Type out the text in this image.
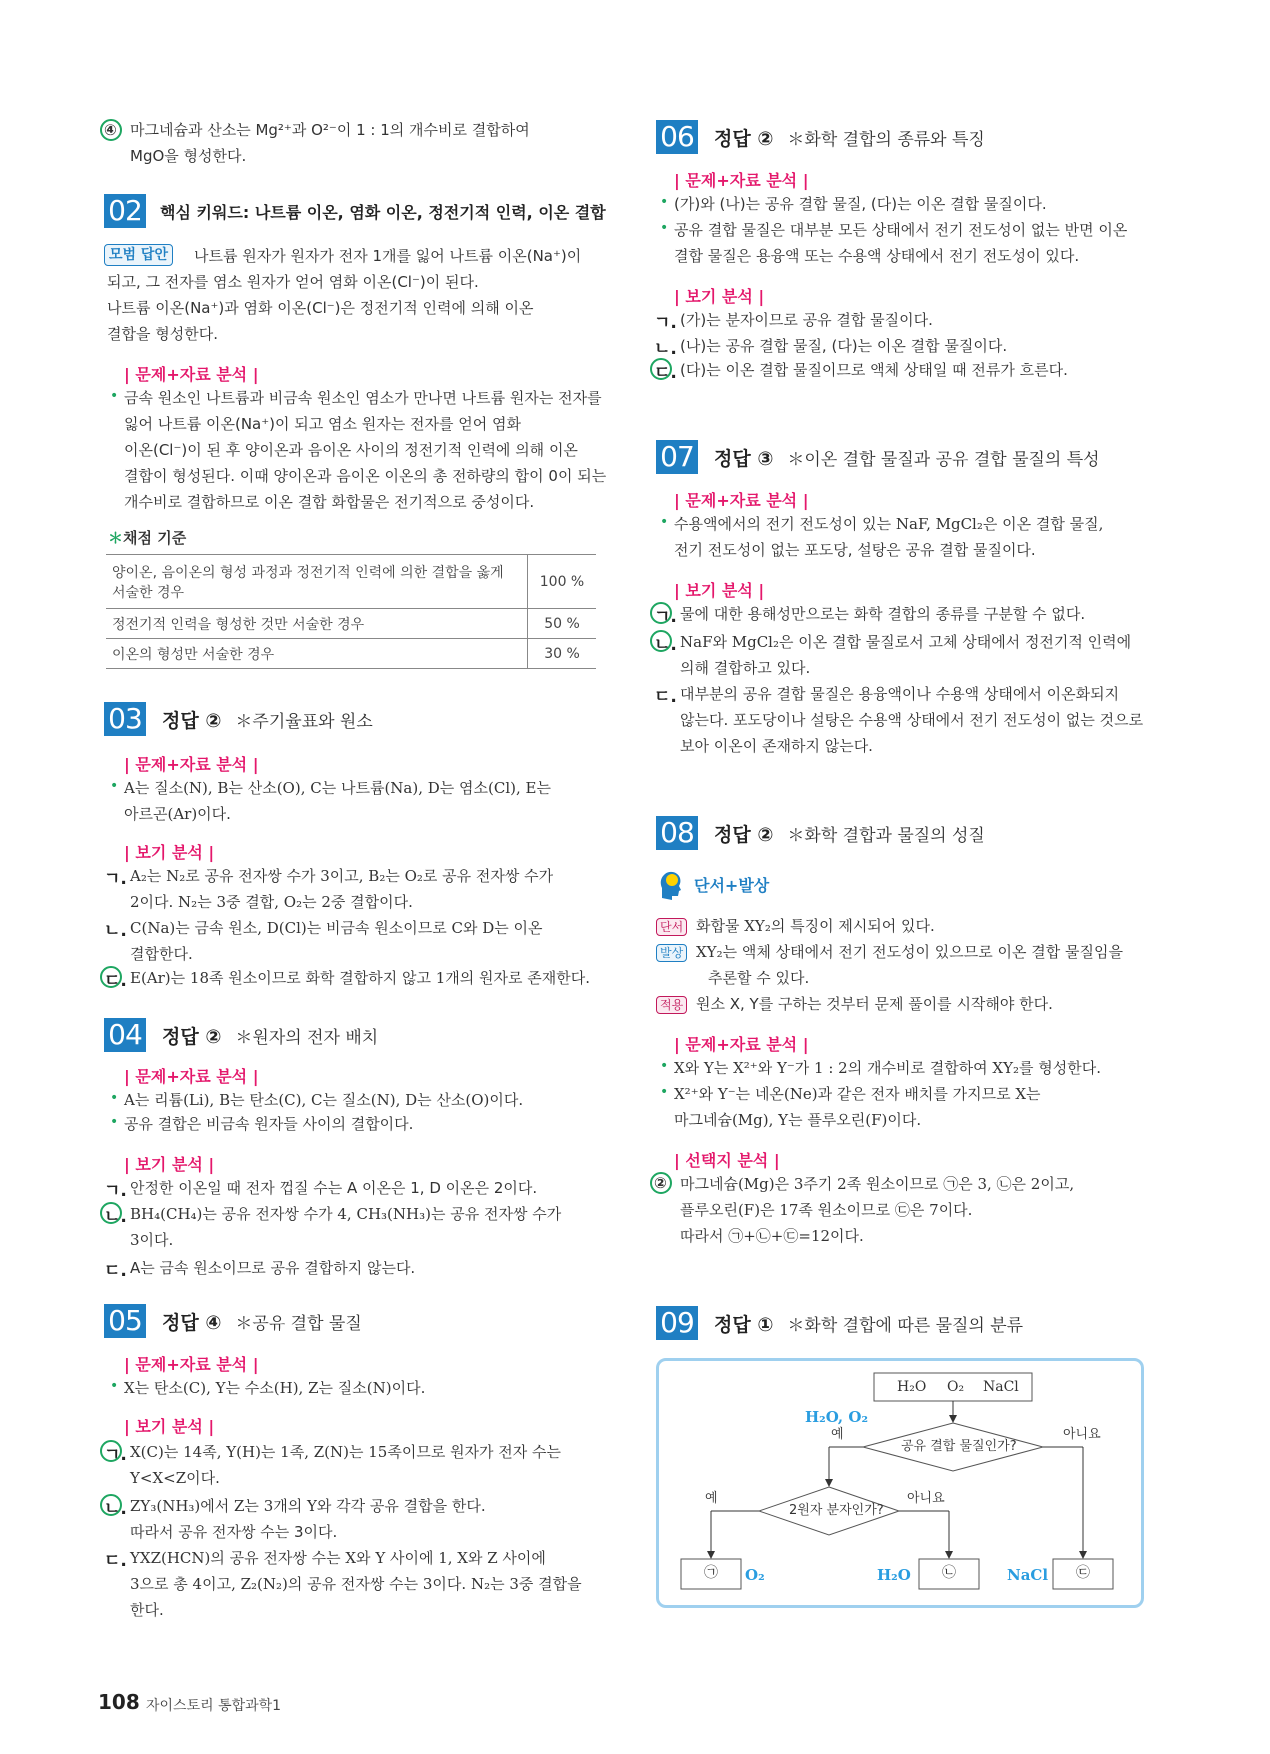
④ 마그네슘과 산소는 Mg²⁺과 O²⁻이 1 : 1의 개수비로 결합하여
MgO을 형성한다.
02 핵심 키워드: 나트륨 이온, 염화 이온, 정전기적 인력, 이온 결합
모범 답안	나트륨 원자가 원자가 전자 1개를 잃어 나트륨 이온(Na⁺)이
되고, 그 전자를 염소 원자가 얻어 염화 이온(Cl⁻)이 된다.
나트륨 이온(Na⁺)과 염화 이온(Cl⁻)은 정전기적 인력에 의해 이온
결합을 형성한다.
| 문제+자료 분석 |
• 금속 원소인 나트륨과 비금속 원소인 염소가 만나면 나트륨 원자는 전자를
잃어 나트륨 이온(Na⁺)이 되고 염소 원자는 전자를 얻어 염화
이온(Cl⁻)이 된 후 양이온과 음이온 사이의 정전기적 인력에 의해 이온
결합이 형성된다. 이때 양이온과 음이온 이온의 총 전하량의 합이 0이 되는
개수비로 결합하므로 이온 결합 화합물은 전기적으로 중성이다.
＊채점 기준
양이온, 음이온의 형성 과정과 정전기적 인력에 의한 결합을 옳게
서술한 경우	100 %
정전기적 인력을 형성한 것만 서술한 경우	50 %
이온의 형성만 서술한 경우	30 %
03 정답 ② ＊주기율표와 원소
| 문제+자료 분석 |
• A는 질소(N), B는 산소(O), C는 나트륨(Na), D는 염소(Cl), E는
아르곤(Ar)이다.
| 보기 분석 |
ㄱ. A₂는 N₂로 공유 전자쌍 수가 3이고, B₂는 O₂로 공유 전자쌍 수가
2이다. N₂는 3중 결합, O₂는 2중 결합이다.
ㄴ. C(Na)는 금속 원소, D(Cl)는 비금속 원소이므로 C와 D는 이온
결합한다.
ㄷ. E(Ar)는 18족 원소이므로 화학 결합하지 않고 1개의 원자로 존재한다.
04 정답 ② ＊원자의 전자 배치
| 문제+자료 분석 |
• A는 리튬(Li), B는 탄소(C), C는 질소(N), D는 산소(O)이다.
• 공유 결합은 비금속 원자들 사이의 결합이다.
| 보기 분석 |
ㄱ. 안정한 이온일 때 전자 껍질 수는 A 이온은 1, D 이온은 2이다.
ㄴ. BH₄(CH₄)는 공유 전자쌍 수가 4, CH₃(NH₃)는 공유 전자쌍 수가
3이다.
ㄷ. A는 금속 원소이므로 공유 결합하지 않는다.
05 정답 ④ ＊공유 결합 물질
| 문제+자료 분석 |
• X는 탄소(C), Y는 수소(H), Z는 질소(N)이다.
| 보기 분석 |
ㄱ. X(C)는 14족, Y(H)는 1족, Z(N)는 15족이므로 원자가 전자 수는
Y<X<Z이다.
ㄴ. ZY₃(NH₃)에서 Z는 3개의 Y와 각각 공유 결합을 한다.
따라서 공유 전자쌍 수는 3이다.
ㄷ. YXZ(HCN)의 공유 전자쌍 수는 X와 Y 사이에 1, X와 Z 사이에
3으로 총 4이고, Z₂(N₂)의 공유 전자쌍 수는 3이다. N₂는 3중 결합을
한다.
06 정답 ② ＊화학 결합의 종류와 특징
| 문제+자료 분석 |
• (가)와 (나)는 공유 결합 물질, (다)는 이온 결합 물질이다.
• 공유 결합 물질은 대부분 모든 상태에서 전기 전도성이 없는 반면 이온
결합 물질은 용융액 또는 수용액 상태에서 전기 전도성이 있다.
| 보기 분석 |
ㄱ. (가)는 분자이므로 공유 결합 물질이다.
ㄴ. (나)는 공유 결합 물질, (다)는 이온 결합 물질이다.
ㄷ. (다)는 이온 결합 물질이므로 액체 상태일 때 전류가 흐른다.
07 정답 ③ ＊이온 결합 물질과 공유 결합 물질의 특성
| 문제+자료 분석 |
• 수용액에서의 전기 전도성이 있는 NaF, MgCl₂은 이온 결합 물질,
전기 전도성이 없는 포도당, 설탕은 공유 결합 물질이다.
| 보기 분석 |
ㄱ. 물에 대한 용해성만으로는 화학 결합의 종류를 구분할 수 없다.
ㄴ. NaF와 MgCl₂은 이온 결합 물질로서 고체 상태에서 정전기적 인력에
의해 결합하고 있다.
ㄷ. 대부분의 공유 결합 물질은 용융액이나 수용액 상태에서 이온화되지
않는다. 포도당이나 설탕은 수용액 상태에서 전기 전도성이 없는 것으로
보아 이온이 존재하지 않는다.
08 정답 ② ＊화학 결합과 물질의 성질
단서+발상
단서 화합물 XY₂의 특징이 제시되어 있다.
발상 XY₂는 액체 상태에서 전기 전도성이 있으므로 이온 결합 물질임을
추론할 수 있다.
적용 원소 X, Y를 구하는 것부터 문제 풀이를 시작해야 한다.
| 문제+자료 분석 |
• X와 Y는 X²⁺와 Y⁻가 1 : 2의 개수비로 결합하여 XY₂를 형성한다.
• X²⁺와 Y⁻는 네온(Ne)과 같은 전자 배치를 가지므로 X는
마그네슘(Mg), Y는 플루오린(F)이다.
| 선택지 분석 |
② 마그네슘(Mg)은 3주기 2족 원소이므로 ㉠은 3, ㉡은 2이고,
플루오린(F)은 17족 원소이므로 ㉢은 7이다.
따라서 ㉠+㉡+㉢=12이다.
09 정답 ① ＊화학 결합에 따른 물질의 분류
H₂O O₂ NaCl
공유 결합 물질인가?
예
H₂O, O₂
아니요
2원자 분자인가?
예	아니요
㉠ O₂	㉡
H₂O	㉢
NaCl
108 자이스토리 통합과학1
